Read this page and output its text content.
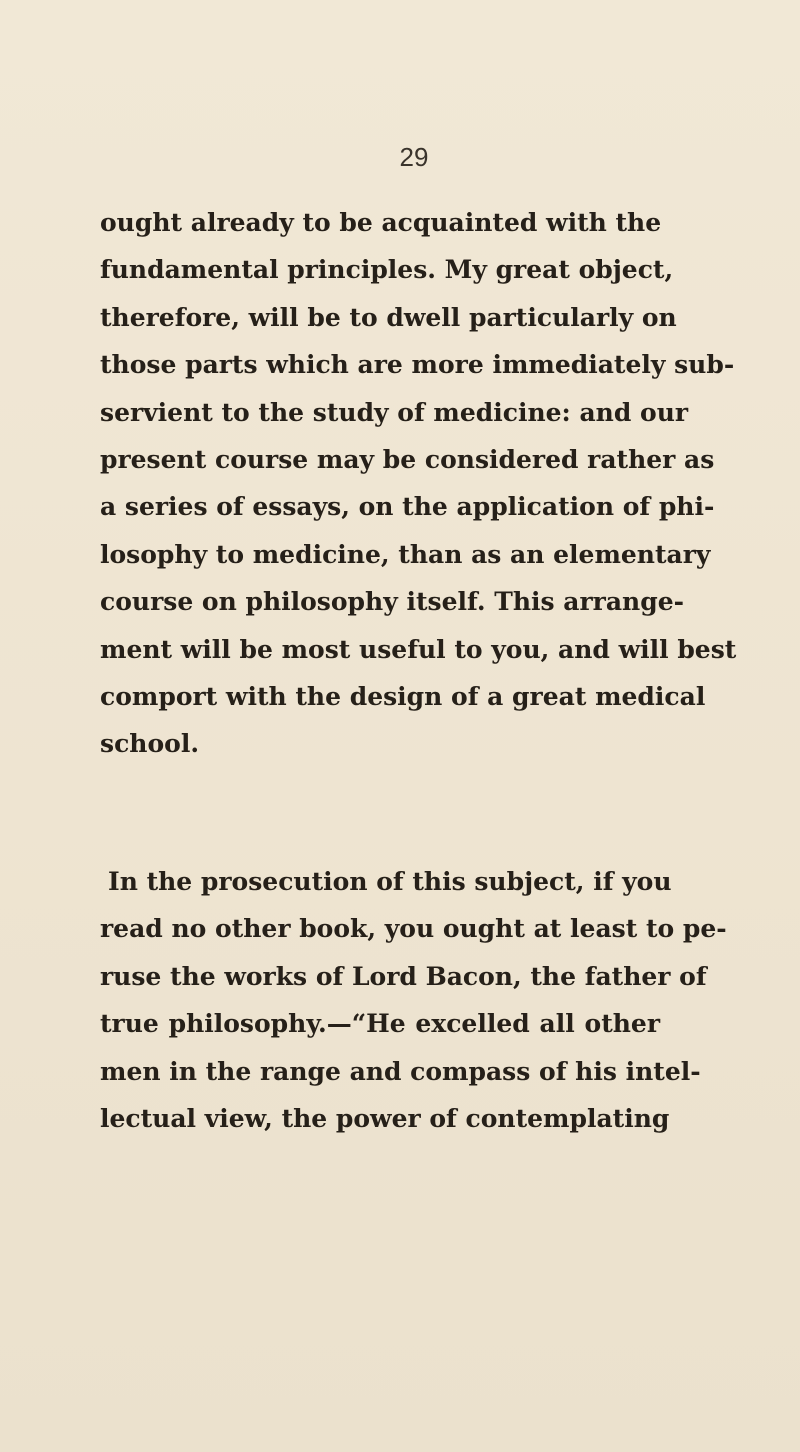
29
ought already to be acquainted with the
fundamental principles. My great object,
therefore, will be to dwell particularly on
those parts which are more immediately sub-
servient to the study of medicine: and our
present course may be considered rather as
a series of essays, on the application of phi-
losophy to medicine, than as an elementary
course on philosophy itself. This arrange-
ment will be most useful to you, and will best
comport with the design of a great medical
school.
In the prosecution of this subject, if you
read no other book, you ought at least to pe-
ruse the works of Lord Bacon, the father of
true philosophy.—“He excelled all other
men in the range and compass of his intel-
lectual view, the power of contemplating
